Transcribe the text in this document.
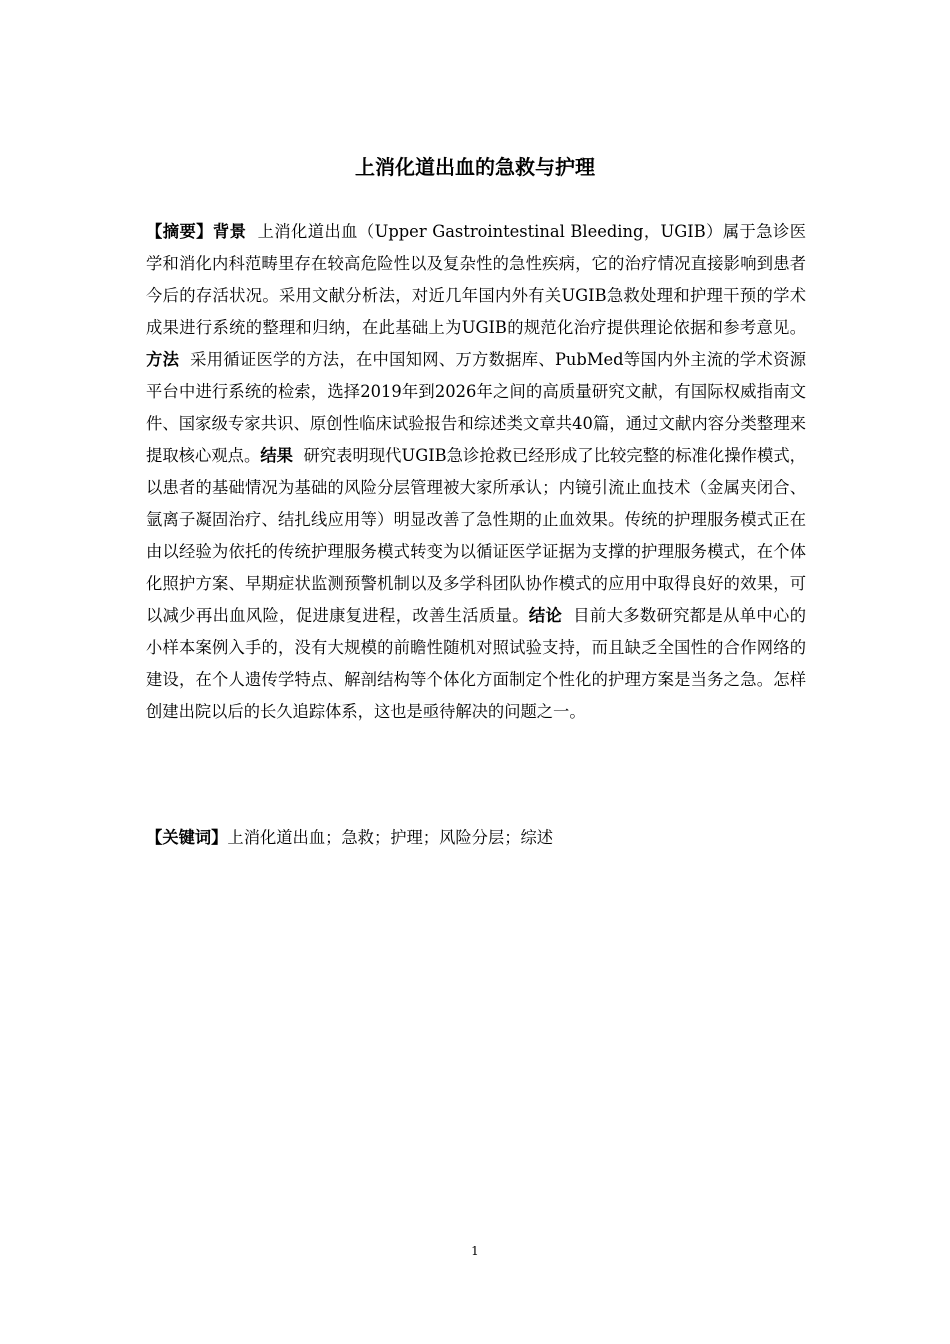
上消化道出血的急救与护理

【摘要】背景 上消化道出血（Upper Gastrointestinal Bleeding，UGIB）属于急诊医学和消化内科范畴里存在较高危险性以及复杂性的急性疾病，它的治疗情况直接影响到患者今后的存活状况。采用文献分析法，对近几年国内外有关UGIB急救处理和护理干预的学术成果进行系统的整理和归纳，在此基础上为UGIB的规范化治疗提供理论依据和参考意见。方法 采用循证医学的方法，在中国知网、万方数据库、PubMed等国内外主流的学术资源平台中进行系统的检索，选择2019年到2026年之间的高质量研究文献，有国际权威指南文件、国家级专家共识、原创性临床试验报告和综述类文章共40篇，通过文献内容分类整理来提取核心观点。结果 研究表明现代UGIB急诊抢救已经形成了比较完整的标准化操作模式，以患者的基础情况为基础的风险分层管理被大家所承认；内镜引流止血技术（金属夹闭合、氩离子凝固治疗、结扎线应用等）明显改善了急性期的止血效果。传统的护理服务模式正在由以经验为依托的传统护理服务模式转变为以循证医学证据为支撑的护理服务模式，在个体化照护方案、早期症状监测预警机制以及多学科团队协作模式的应用中取得良好的效果，可以减少再出血风险，促进康复进程，改善生活质量。结论 目前大多数研究都是从单中心的小样本案例入手的，没有大规模的前瞻性随机对照试验支持，而且缺乏全国性的合作网络的建设，在个人遗传学特点、解剖结构等个体化方面制定个性化的护理方案是当务之急。怎样创建出院以后的长久追踪体系，这也是亟待解决的问题之一。

【关键词】上消化道出血；急救；护理；风险分层；综述

1
